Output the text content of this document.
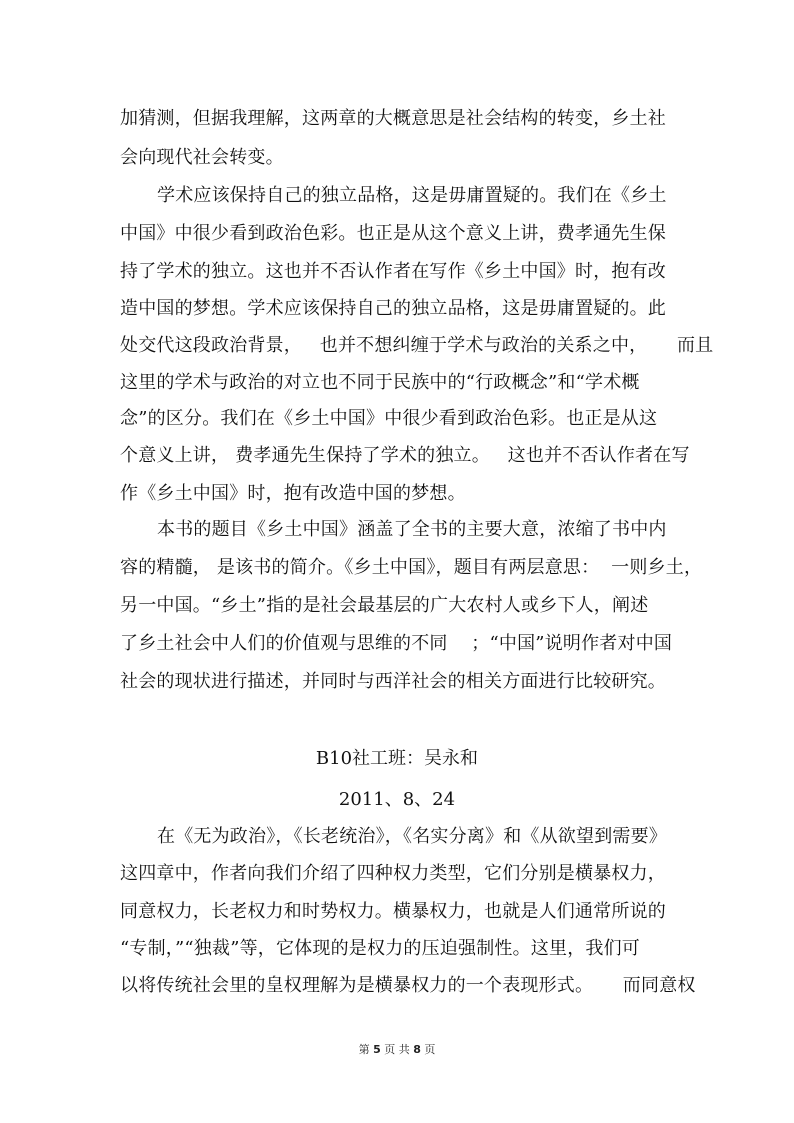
加猜测，但据我理解，这两章的大概意思是社会结构的转变，乡土社
会向现代社会转变。
学术应该保持自己的独立品格，这是毋庸置疑的。我们在《乡土
中国》中很少看到政治色彩。也正是从这个意义上讲，费孝通先生保
持了学术的独立。这也并不否认作者在写作《乡土中国》时，抱有改
造中国的梦想。学术应该保持自己的独立品格，这是毋庸置疑的。此
处交代这段政治背景，   也并不想纠缠于学术与政治的关系之中，     而且
这里的学术与政治的对立也不同于民族中的“行政概念”和“学术概
念”的区分。我们在《乡土中国》中很少看到政治色彩。也正是从这
个意义上讲， 费孝通先生保持了学术的独立。   这也并不否认作者在写
作《乡土中国》时，抱有改造中国的梦想。
本书的题目《乡土中国》涵盖了全书的主要大意，浓缩了书中内
容的精髓， 是该书的简介。《乡土中国》，题目有两层意思：  一则乡土，
另一中国。“乡土”指的是社会最基层的广大农村人或乡下人，阐述
了乡土社会中人们的价值观与思维的不同    ；“中国”说明作者对中国
社会的现状进行描述，并同时与西洋社会的相关方面进行比较研究。
B10社工班：吴永和
2011、8、24
在《无为政治》，《长老统治》，《名实分离》和《从欲望到需要》
这四章中，作者向我们介绍了四种权力类型，它们分别是横暴权力，
同意权力，长老权力和时势权力。横暴权力，也就是人们通常所说的
“专制，”“独裁”等，它体现的是权力的压迫强制性。这里，我们可
以将传统社会里的皇权理解为是横暴权力的一个表现形式。     而同意权
第 5 页 共 8 页
